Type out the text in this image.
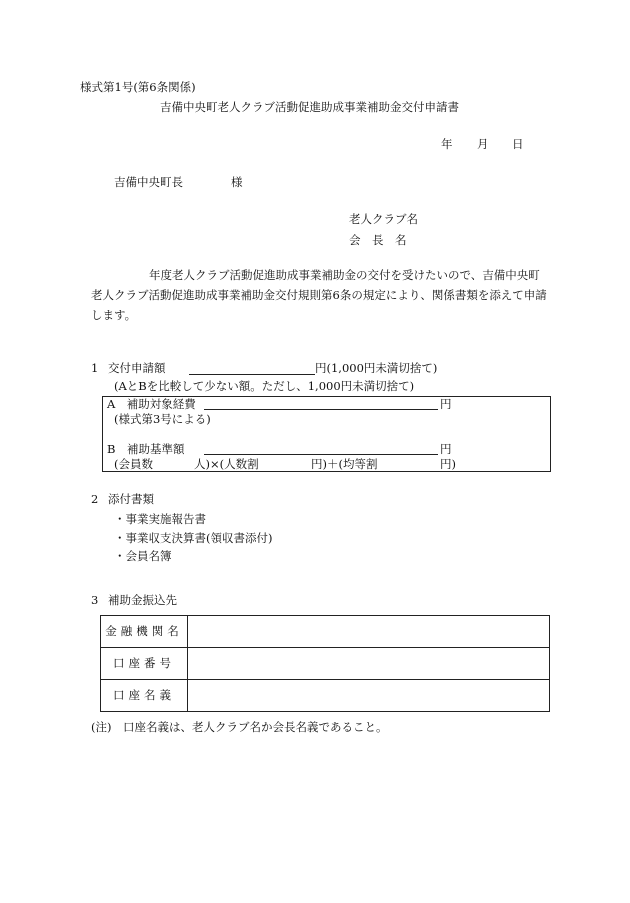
様式第1号(第6条関係)
吉備中央町老人クラブ活動促進助成事業補助金交付申請書
年 月 日
吉備中央町長	様
老人クラブ名
会　長　名
年度老人クラブ活動促進助成事業補助金の交付を受けたいので、吉備中央町
老人クラブ活動促進助成事業補助金交付規則第6条の規定により、関係書類を添えて申請
します。
1 交付申請額	円(1,000円未満切捨て)
(AとBを比較して少ない額。ただし、1,000円未満切捨て)
A　補助対象経費	円
(様式第3号による)
B　補助基準額	円
(会員数	人)×(人数割	円)＋(均等割	円)
2 添付書類
・事業実施報告書
・事業収支決算書(領収書添付)
・会員名簿
3 補助金振込先
金融機関名	
口座番号	
口座名義	
(注)　口座名義は、老人クラブ名か会長名義であること。
